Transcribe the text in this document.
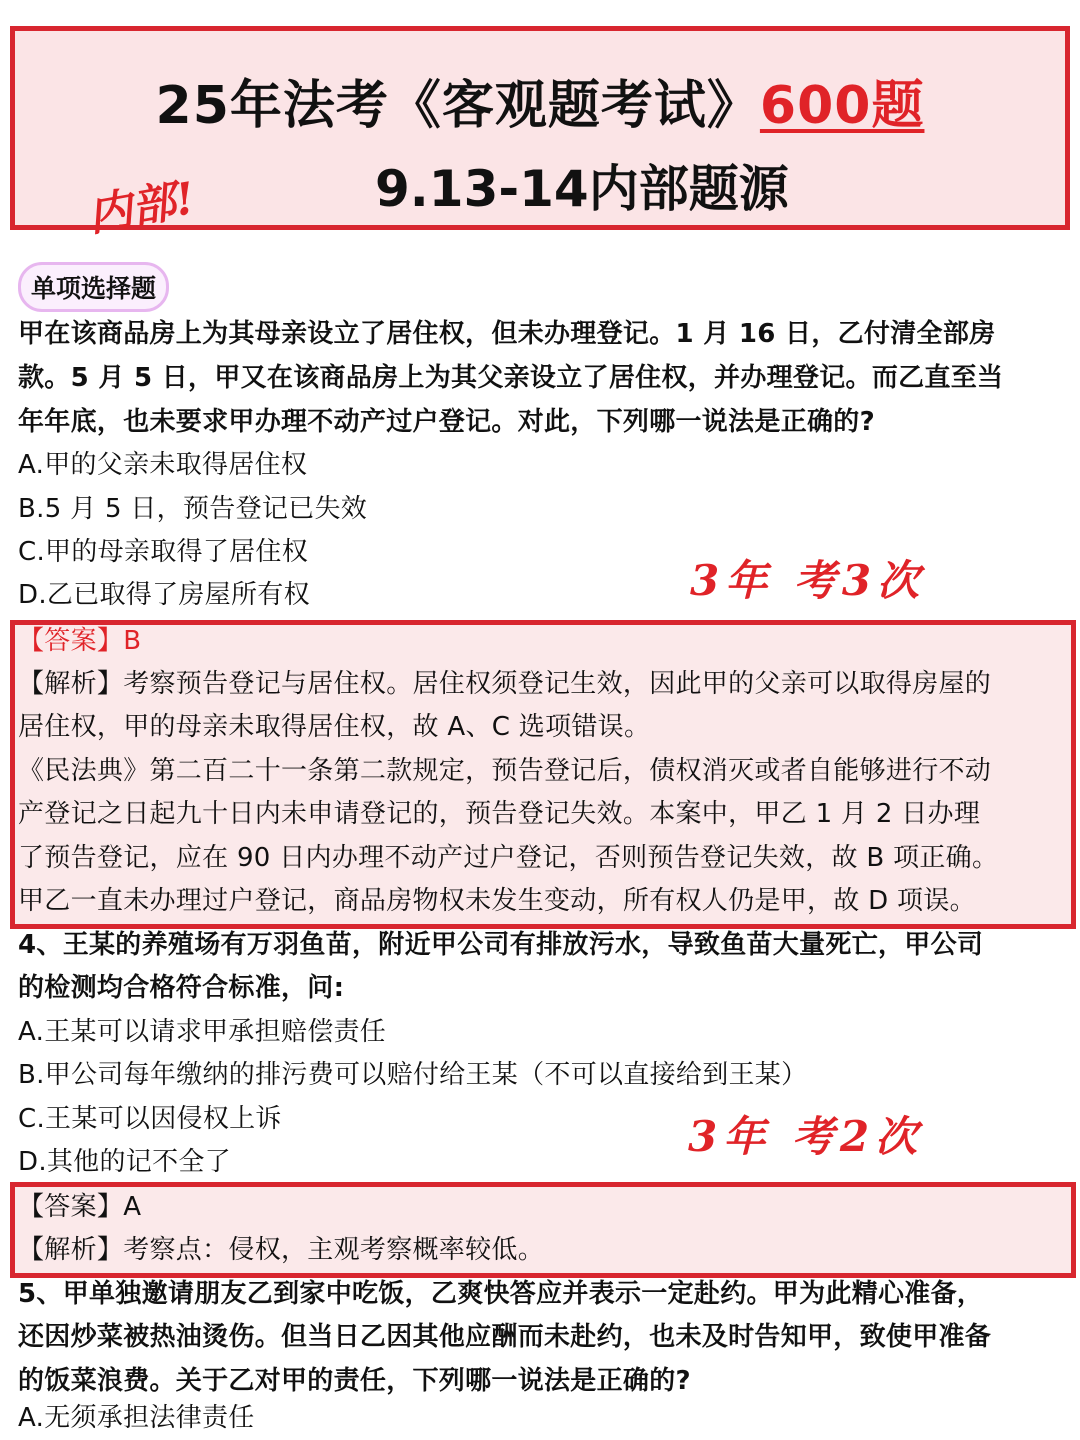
25年法考《客观题考试》600题
9.13-14内部题源
内部!
单项选择题
甲在该商品房上为其母亲设立了居住权，但未办理登记。1 月 16 日，乙付清全部房
款。5 月 5 日，甲又在该商品房上为其父亲设立了居住权，并办理登记。而乙直至当
年年底，也未要求甲办理不动产过户登记。对此，下列哪一说法是正确的?
A.甲的父亲未取得居住权
B.5 月 5 日，预告登记已失效
C.甲的母亲取得了居住权
D.乙已取得了房屋所有权	3年 考3次
【答案】B
【解析】考察预告登记与居住权。居住权须登记生效，因此甲的父亲可以取得房屋的
居住权，甲的母亲未取得居住权，故 A、C 选项错误。
《民法典》第二百二十一条第二款规定，预告登记后，债权消灭或者自能够进行不动
产登记之日起九十日内未申请登记的，预告登记失效。本案中，甲乙 1 月 2 日办理
了预告登记，应在 90 日内办理不动产过户登记，否则预告登记失效，故 B 项正确。
甲乙一直未办理过户登记，商品房物权未发生变动，所有权人仍是甲，故 D 项误。
4、王某的养殖场有万羽鱼苗，附近甲公司有排放污水，导致鱼苗大量死亡，甲公司
的检测均合格符合标准，问:
A.王某可以请求甲承担赔偿责任
B.甲公司每年缴纳的排污费可以赔付给王某（不可以直接给到王某）
C.王某可以因侵权上诉
D.其他的记不全了
3年 考2次
【答案】A
【解析】考察点：侵权，主观考察概率较低。
5、甲单独邀请朋友乙到家中吃饭，乙爽快答应并表示一定赴约。甲为此精心准备，
还因炒菜被热油烫伤。但当日乙因其他应酬而未赴约，也未及时告知甲，致使甲准备
的饭菜浪费。关于乙对甲的责任，下列哪一说法是正确的?
A.无须承担法律责任
